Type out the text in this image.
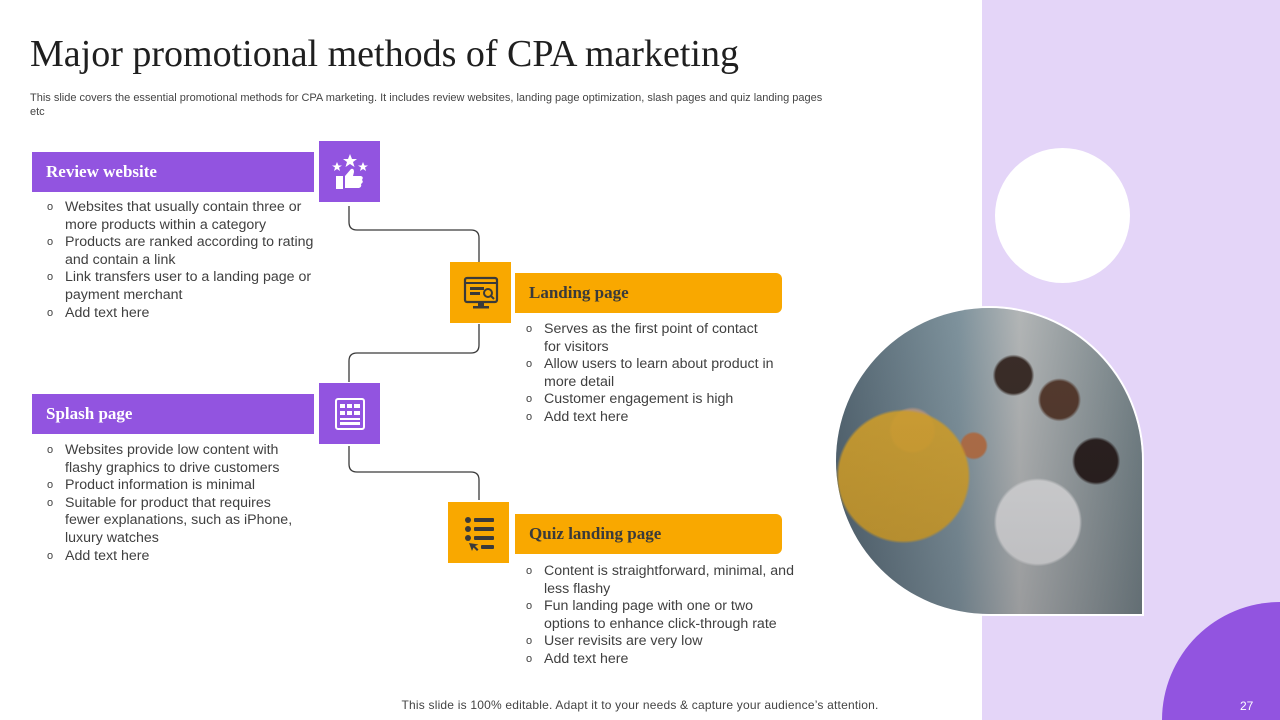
27
Major promotional methods of CPA marketing
This slide covers the essential promotional methods for CPA marketing. It includes review websites, landing page optimization, slash pages and quiz landing pages etc
Review website
o Websites that usually contain three or more products within a category
o Products are ranked according to rating and contain a link
o Link transfers user to a landing page or payment merchant
o Add text here
Landing page
o Serves as the first point of contact for visitors
o Allow users to learn about product in more detail
o Customer engagement is high
o Add text here
Splash page
o Websites provide low content with flashy graphics to drive customers
o Product information is minimal
o Suitable for product that requires fewer explanations, such as iPhone, luxury watches
o Add text here
Quiz landing page
o Content is straightforward, minimal, and less flashy
o Fun landing page with one or two options to enhance click-through rate
o User revisits are very low
o Add text here
This slide is 100% editable. Adapt it to your needs & capture your audience’s attention.
